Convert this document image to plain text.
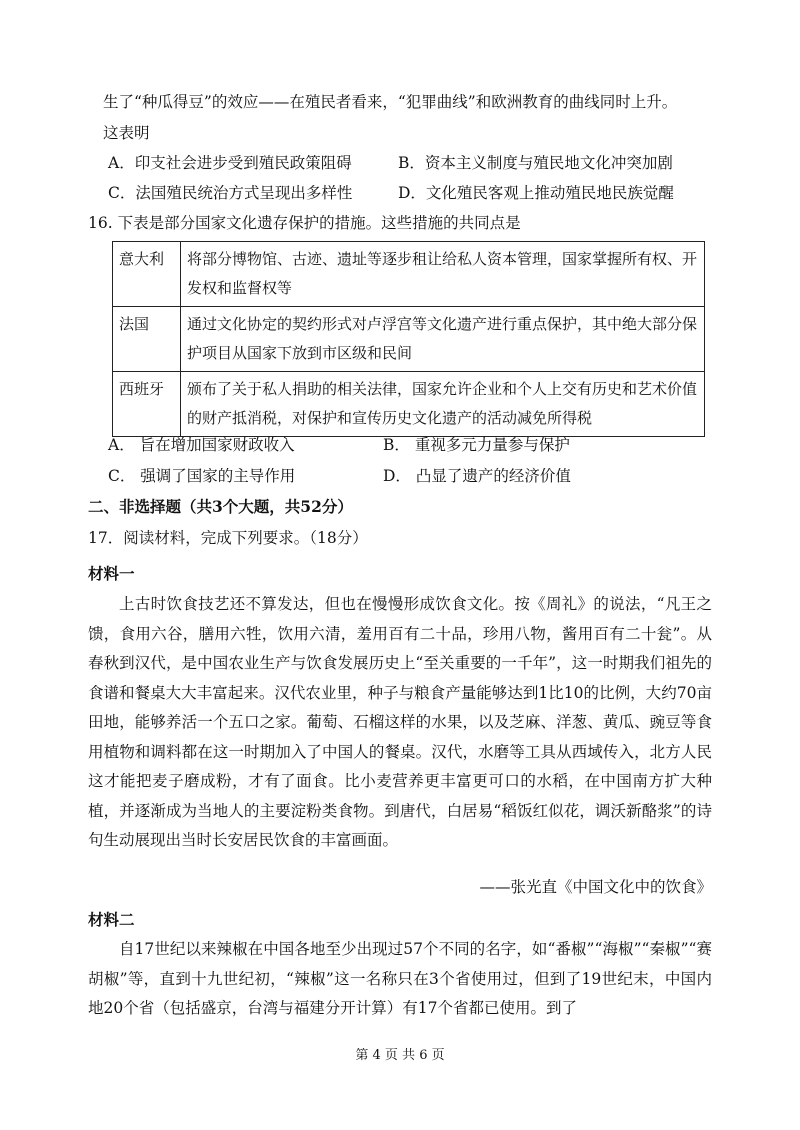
生了“种瓜得豆”的效应——在殖民者看来，“犯罪曲线”和欧洲教育的曲线同时上升。
这表明
A．印支社会进步受到殖民政策阻碍	B．资本主义制度与殖民地文化冲突加剧
C．法国殖民统治方式呈现出多样性	D．文化殖民客观上推动殖民地民族觉醒
16. 下表是部分国家文化遗存保护的措施。这些措施的共同点是
意大利	将部分博物馆、古迹、遗址等逐步租让给私人资本管理，国家掌握所有权、开发权和监督权等
法国	通过文化协定的契约形式对卢浮宫等文化遗产进行重点保护，其中绝大部分保护项目从国家下放到市区级和民间
西班牙	颁布了关于私人捐助的相关法律，国家允许企业和个人上交有历史和艺术价值的财产抵消税，对保护和宣传历史文化遗产的活动减免所得税
A． 旨在增加国家财政收入	B． 重视多元力量参与保护
C． 强调了国家的主导作用	D． 凸显了遗产的经济价值
二、非选择题（共3个大题，共52分）
17．阅读材料，完成下列要求。（18分）
材料一

上古时饮食技艺还不算发达，但也在慢慢形成饮食文化。按《周礼》的说法，“凡王之馈，食用六谷，膳用六牲，饮用六清，羞用百有二十品，珍用八物，酱用百有二十瓮”。从春秋到汉代，是中国农业生产与饮食发展历史上“至关重要的一千年”，这一时期我们祖先的食谱和餐桌大大丰富起来。汉代农业里，种子与粮食产量能够达到1比10的比例，大约70亩田地，能够养活一个五口之家。葡萄、石榴这样的水果，以及芝麻、洋葱、黄瓜、豌豆等食用植物和调料都在这一时期加入了中国人的餐桌。汉代，水磨等工具从西域传入，北方人民这才能把麦子磨成粉，才有了面食。比小麦营养更丰富更可口的水稻，在中国南方扩大种植，并逐渐成为当地人的主要淀粉类食物。到唐代，白居易“稻饭红似花，调沃新酪浆”的诗句生动展现出当时长安居民饮食的丰富画面。

——张光直《中国文化中的饮食》
材料二

自17世纪以来辣椒在中国各地至少出现过57个不同的名字，如“番椒”“海椒”“秦椒”“赛胡椒”等，直到十九世纪初，“辣椒”这一名称只在3个省使用过，但到了19世纪末，中国内地20个省（包括盛京，台湾与福建分开计算）有17个省都已使用。到了

第 4 页 共 6 页
